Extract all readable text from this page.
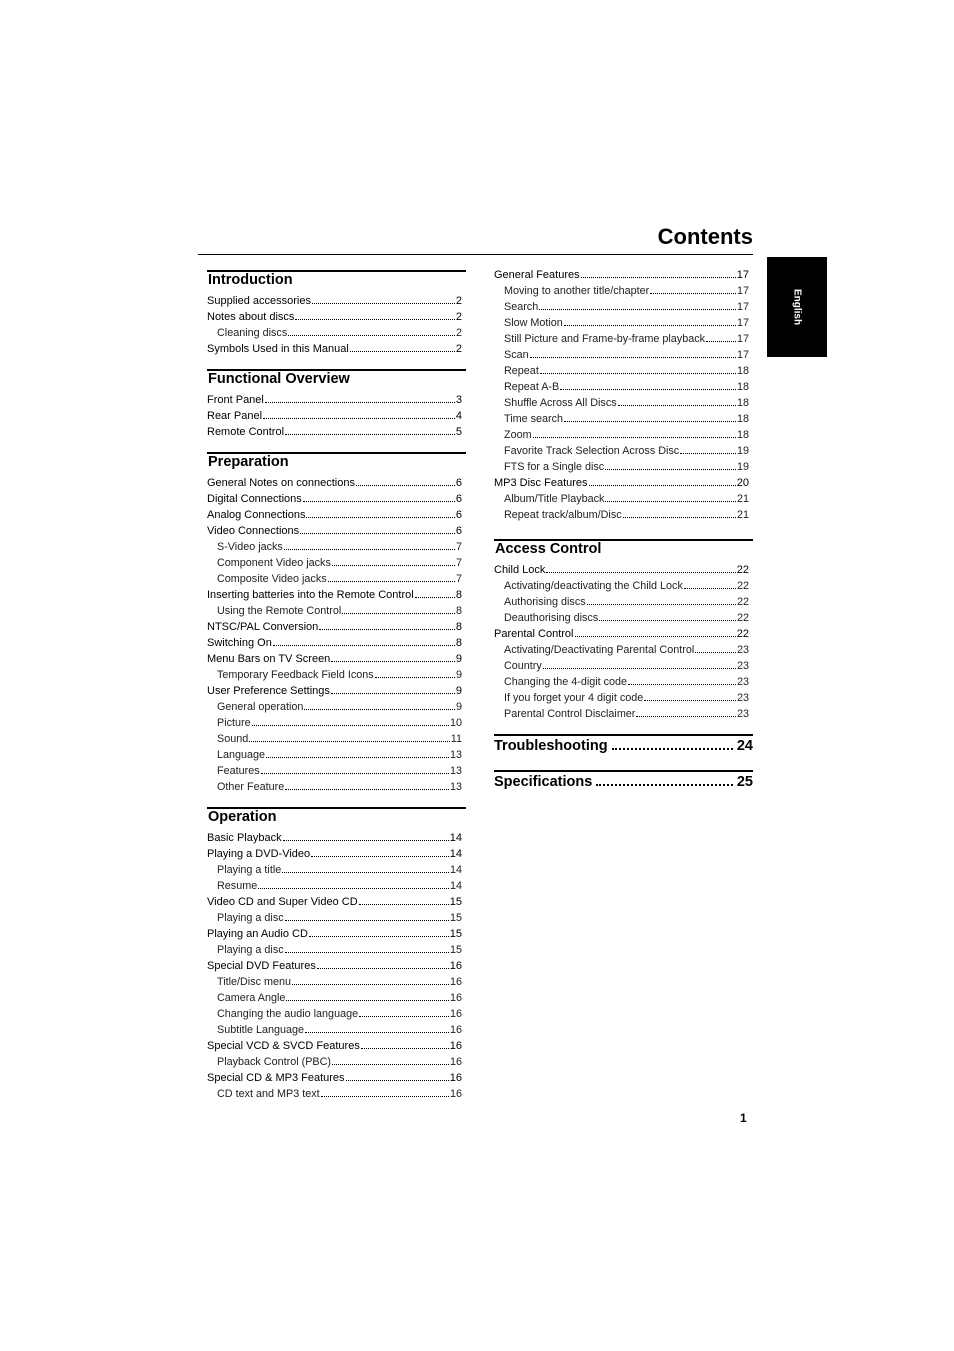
Contents
English
Introduction
Supplied accessories	2
Notes about discs	2
Cleaning discs	2
Symbols Used in this Manual	2
Functional Overview
Front Panel	3
Rear Panel	4
Remote Control	5
Preparation
General Notes on connections	6
Digital Connections	6
Analog Connections	6
Video Connections	6
S-Video jacks	7
Component Video jacks	7
Composite Video jacks	7
Inserting batteries into the Remote Control	8
Using the Remote Control	8
NTSC/PAL Conversion	8
Switching On	8
Menu Bars on TV Screen	9
Temporary Feedback Field Icons	9
User Preference Settings	9
General operation	9
Picture	10
Sound	11
Language	13
Features	13
Other Feature	13
Operation
Basic Playback	14
Playing a DVD-Video	14
Playing a title	14
Resume	14
Video CD and Super Video CD	15
Playing a disc	15
Playing an Audio CD	15
Playing a disc	15
Special DVD Features	16
Title/Disc menu	16
Camera Angle	16
Changing the audio language	16
Subtitle Language	16
Special VCD & SVCD Features	16
Playback Control (PBC)	16
Special CD & MP3 Features	16
CD text and MP3 text	16
General Features	17
Moving to another title/chapter	17
Search	17
Slow Motion	17
Still Picture and Frame-by-frame playback	17
Scan	17
Repeat	18
Repeat A-B	18
Shuffle Across All Discs	18
Time search	18
Zoom	18
Favorite Track Selection Across Disc	19
FTS for a Single disc	19
MP3 Disc Features	20
Album/Title Playback	21
Repeat track/album/Disc	21
Access Control
Child Lock	22
Activating/deactivating the Child Lock	22
Authorising discs	22
Deauthorising discs	22
Parental Control	22
Activating/Deactivating Parental Control	23
Country	23
Changing the 4-digit code	23
If you forget your 4 digit code	23
Parental Control Disclaimer	23
Troubleshooting	24
Specifications	25
1
